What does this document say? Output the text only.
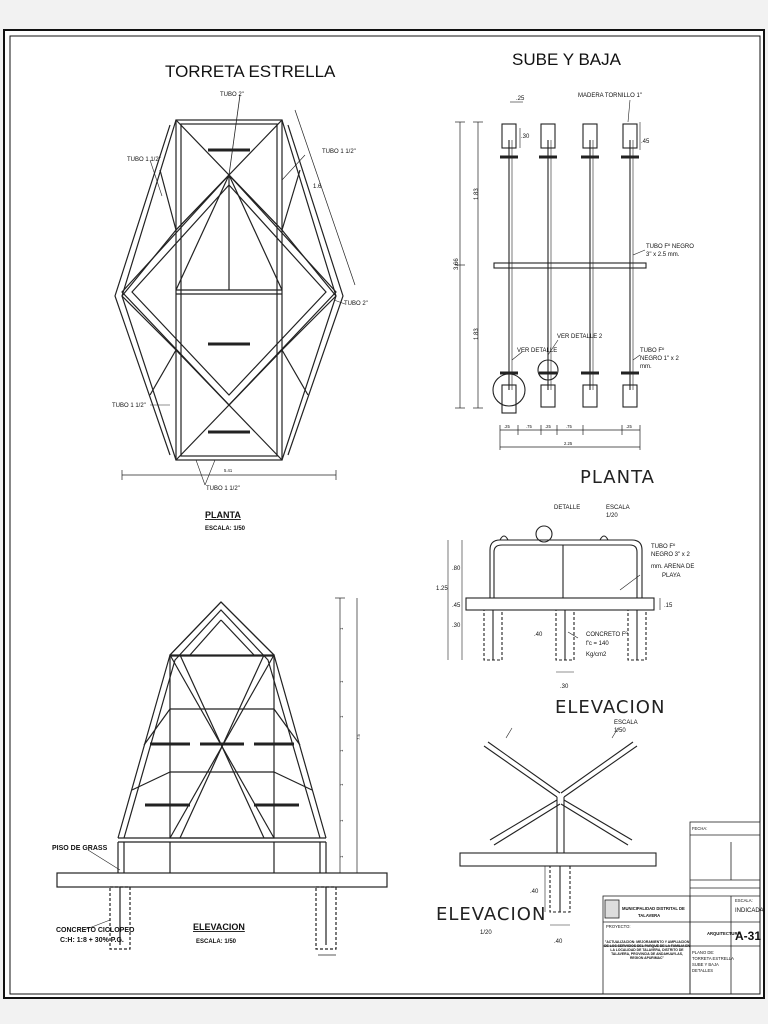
TORRETA ESTRELLA
TUBO 2"
TUBO 1 1/2"
TUBO 1 1/2"
1.6
TUBO 2"
TUBO 1 1/2"
5.41
TUBO 1 1/2"
PLANTA
ESCALA: 1/50
1
1
1
1
1
1
1
7.5
PISO DE GRASS
CONCRETO CICLOPEO
C:H: 1:8 + 30% P.G.
ELEVACION
ESCALA: 1/50
SUBE Y BAJA
MADERA TORNILLO 1"
.25
.30
.45
1.83
3.66
1.83
TUBO Fº NEGRO
3" x 2.5 mm.
VER DETALLE
VER DETALLE 2
TUBO Fº
NEGRO 1" x 2
mm.
.25	.75	.25	.75	.25
2.25
PLANTA
DETALLE	ESCALA
1/20
TUBO Fº
NEGRO 3" x 2
mm. ARENA DE
PLAYA
1.25
.80
.45
.30
.15
.40
.30
CONCRETO Fº
f'c = 140
Kg/cm2
ELEVACION
ESCALA
1/50
.40
.40
ELEVACION
1/20
MUNICIPALIDAD DISTRITAL DE
TALAVERA
PROYECTO:
"ACTUALIZACION: MEJORAMIENTO Y AMPLIACION DE LOS SERVICIOS DEL PARQUE DE LA FAMILIA EN LA LOCALIDAD DE TALAVERA, DISTRITO DE TALAVERA, PROVINCIA DE ANDAHUAYLAS, REGION APURIMAC"
ARQUITECTURA
A-31
ESCALA:
INDICADA
FECHA:
PLANO DE:
TORRETA ESTRELLA
SUBE Y BAJA
DETALLES
